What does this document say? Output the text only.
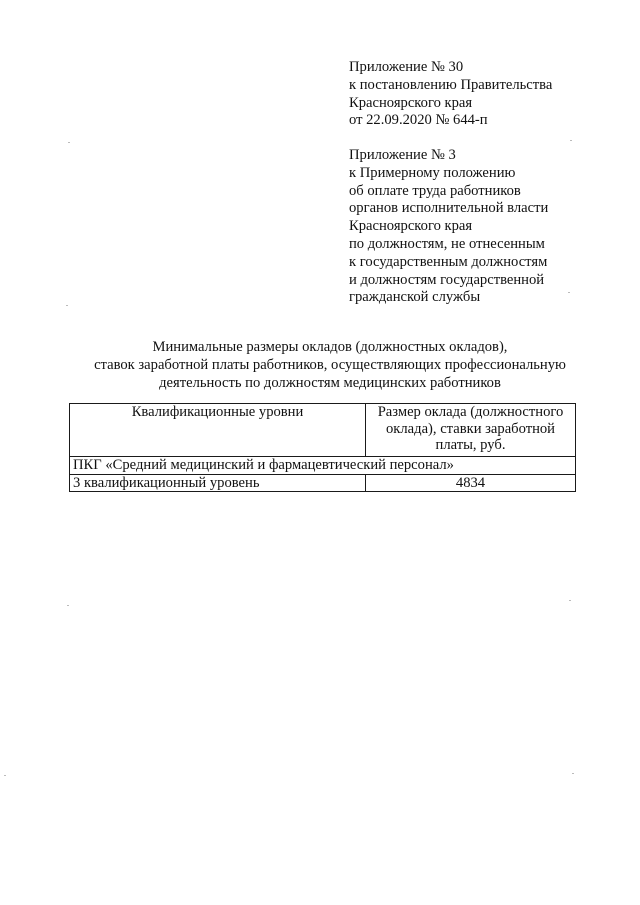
Приложение № 30
к постановлению Правительства
Красноярского края
от 22.09.2020 № 644-п
Приложение № 3
к Примерному положению
об оплате труда работников
органов исполнительной власти
Красноярского края
по должностям, не отнесенным
к государственным должностям
и должностям государственной
гражданской службы
Минимальные размеры окладов (должностных окладов),
ставок заработной платы работников, осуществляющих профессиональную
деятельность по должностям медицинских работников
Квалификационные уровни	Размер оклада (должностного
оклада), ставки заработной
платы, руб.

ПКГ «Средний медицинский и фармацевтический персонал»	
3 квалификационный уровень	4834
